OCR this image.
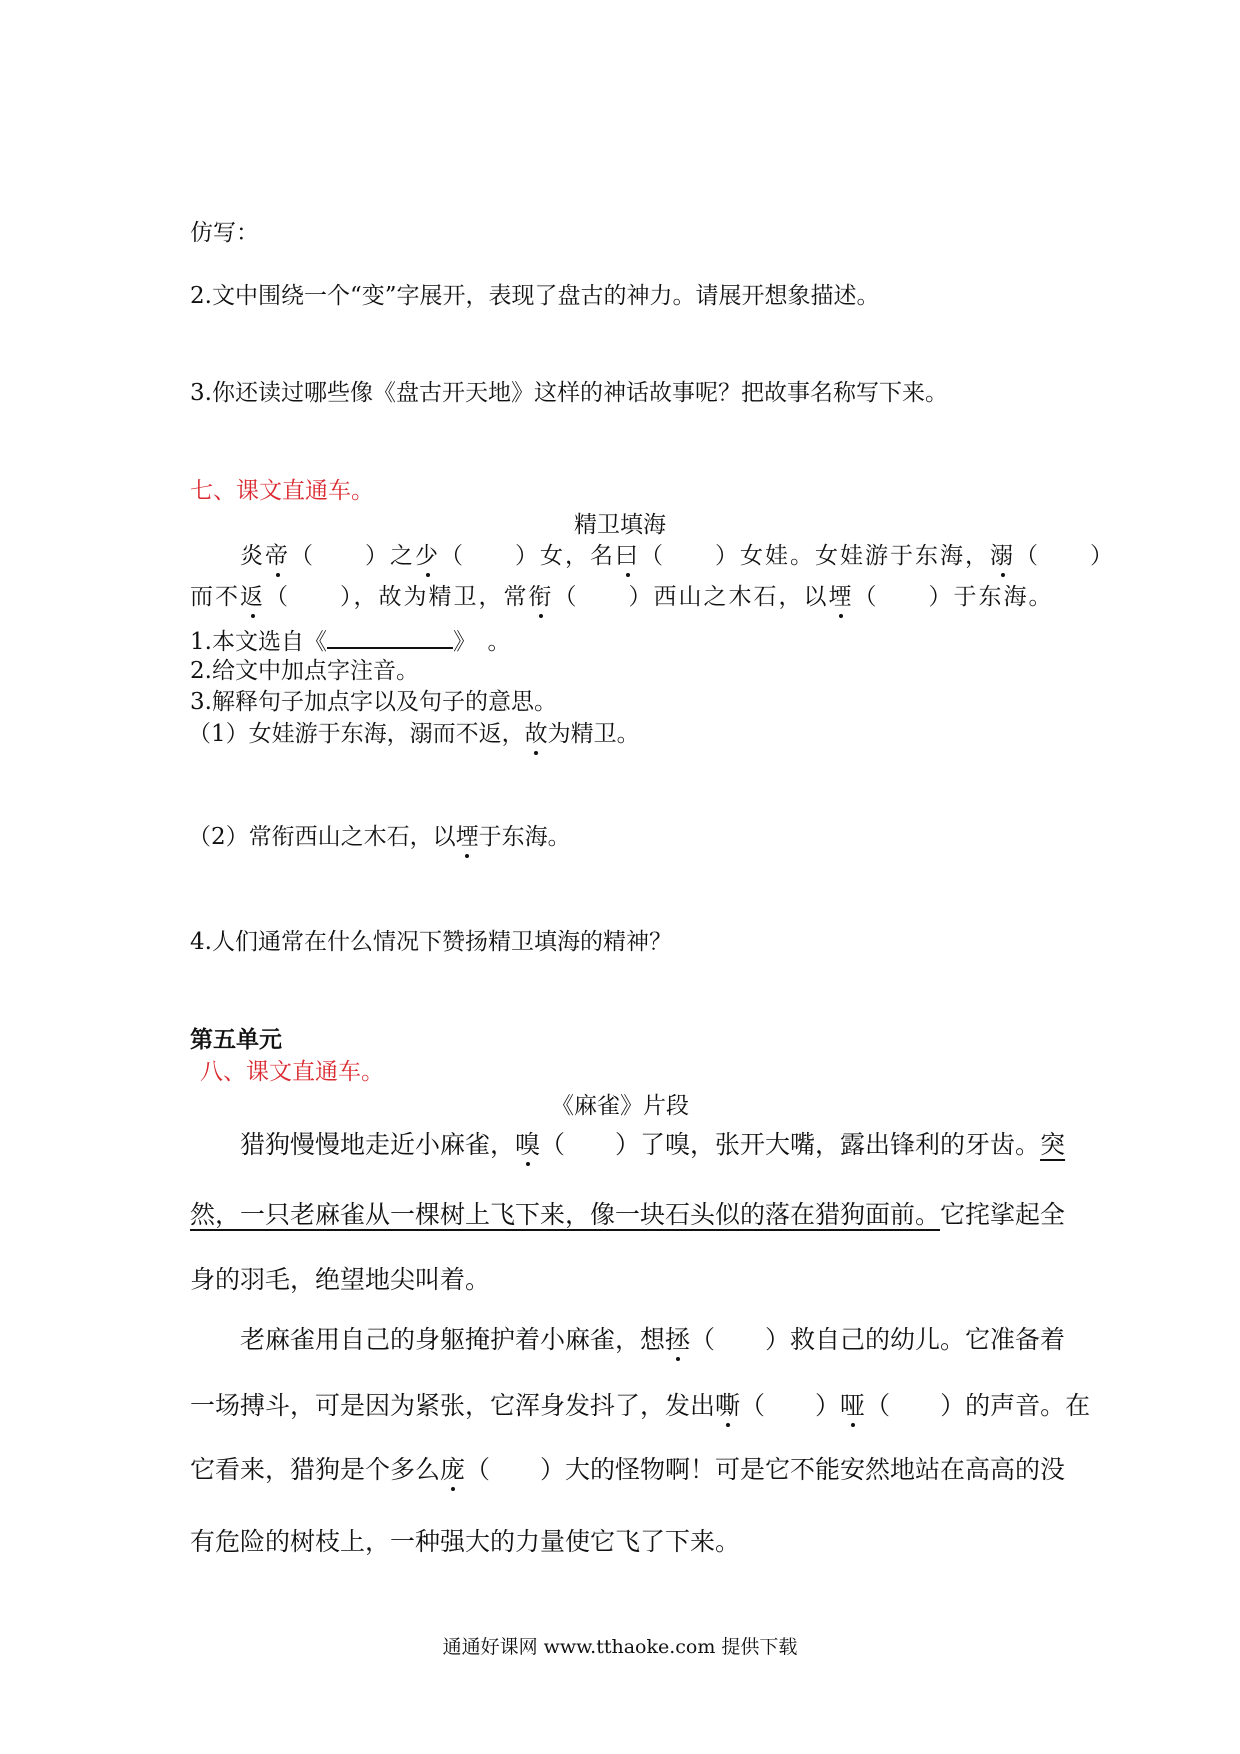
仿写：
2.文中围绕一个“变”字展开，表现了盘古的神力。请展开想象描述。
3.你还读过哪些像《盘古开天地》这样的神话故事呢？把故事名称写下来。
七、课文直通车。
精卫填海
炎帝（　　）之少（　　）女，名曰（　　）女娃。女娃游于东海，溺（　　）
而不返（　　），故为精卫，常衔（　　）西山之木石，以堙（　　）于东海。
1.本文选自《	》　。
2.给文中加点字注音。
3.解释句子加点字以及句子的意思。
（1）女娃游于东海，溺而不返，故为精卫。
（2）常衔西山之木石，以堙于东海。
4.人们通常在什么情况下赞扬精卫填海的精神？
第五单元
八、课文直通车。
《麻雀》片段
猎狗慢慢地走近小麻雀，嗅（　　）了嗅，张开大嘴，露出锋利的牙齿。突
然，一只老麻雀从一棵树上飞下来，像一块石头似的落在猎狗面前。它挓挲起全
身的羽毛，绝望地尖叫着。
老麻雀用自己的身躯掩护着小麻雀，想拯（　　）救自己的幼儿。它准备着
一场搏斗，可是因为紧张，它浑身发抖了，发出嘶（　　）哑（　　）的声音。在
它看来，猎狗是个多么庞（　　）大的怪物啊！可是它不能安然地站在高高的没
有危险的树枝上，一种强大的力量使它飞了下来。
通通好课网 www.tthaoke.com 提供下载
